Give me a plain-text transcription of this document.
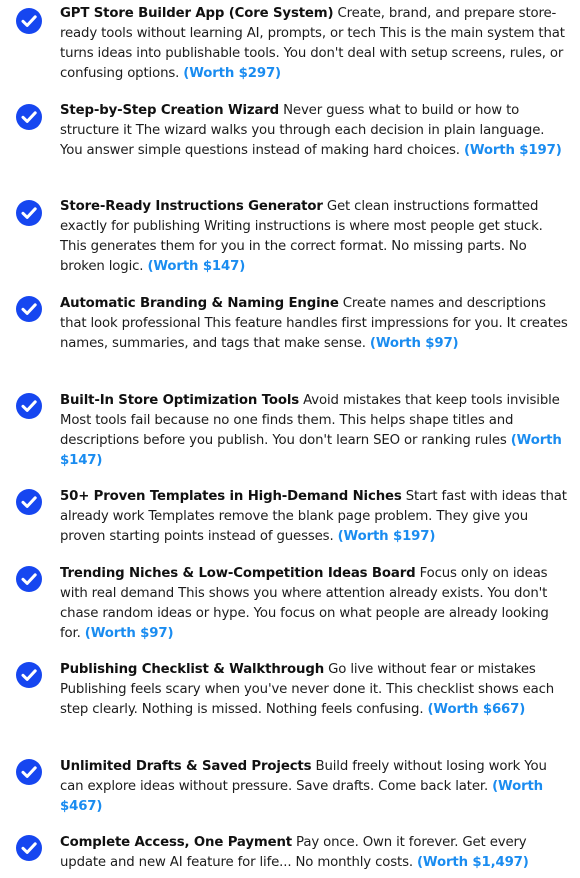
GPT Store Builder App (Core System) Create, brand, and prepare store-ready tools without learning AI, prompts, or tech This is the main system that turns ideas into publishable tools. You don't deal with setup screens, rules, or confusing options. (Worth $297)

Step-by-Step Creation Wizard Never guess what to build or how to structure it The wizard walks you through each decision in plain language. You answer simple questions instead of making hard choices. (Worth $197)

Store-Ready Instructions Generator Get clean instructions formatted exactly for publishing Writing instructions is where most people get stuck. This generates them for you in the correct format. No missing parts. No broken logic. (Worth $147)

Automatic Branding & Naming Engine Create names and descriptions that look professional This feature handles first impressions for you. It creates names, summaries, and tags that make sense. (Worth $97)

Built-In Store Optimization Tools Avoid mistakes that keep tools invisible Most tools fail because no one finds them. This helps shape titles and descriptions before you publish. You don't learn SEO or ranking rules (Worth $147)

50+ Proven Templates in High-Demand Niches Start fast with ideas that already work Templates remove the blank page problem. They give you proven starting points instead of guesses. (Worth $197)

Trending Niches & Low-Competition Ideas Board Focus only on ideas with real demand This shows you where attention already exists. You don't chase random ideas or hype. You focus on what people are already looking for. (Worth $97)

Publishing Checklist & Walkthrough Go live without fear or mistakes Publishing feels scary when you've never done it. This checklist shows each step clearly. Nothing is missed. Nothing feels confusing. (Worth $667)

Unlimited Drafts & Saved Projects Build freely without losing work You can explore ideas without pressure. Save drafts. Come back later. (Worth $467)

Complete Access, One Payment Pay once. Own it forever. Get every update and new AI feature for life... No monthly costs. (Worth $1,497)
